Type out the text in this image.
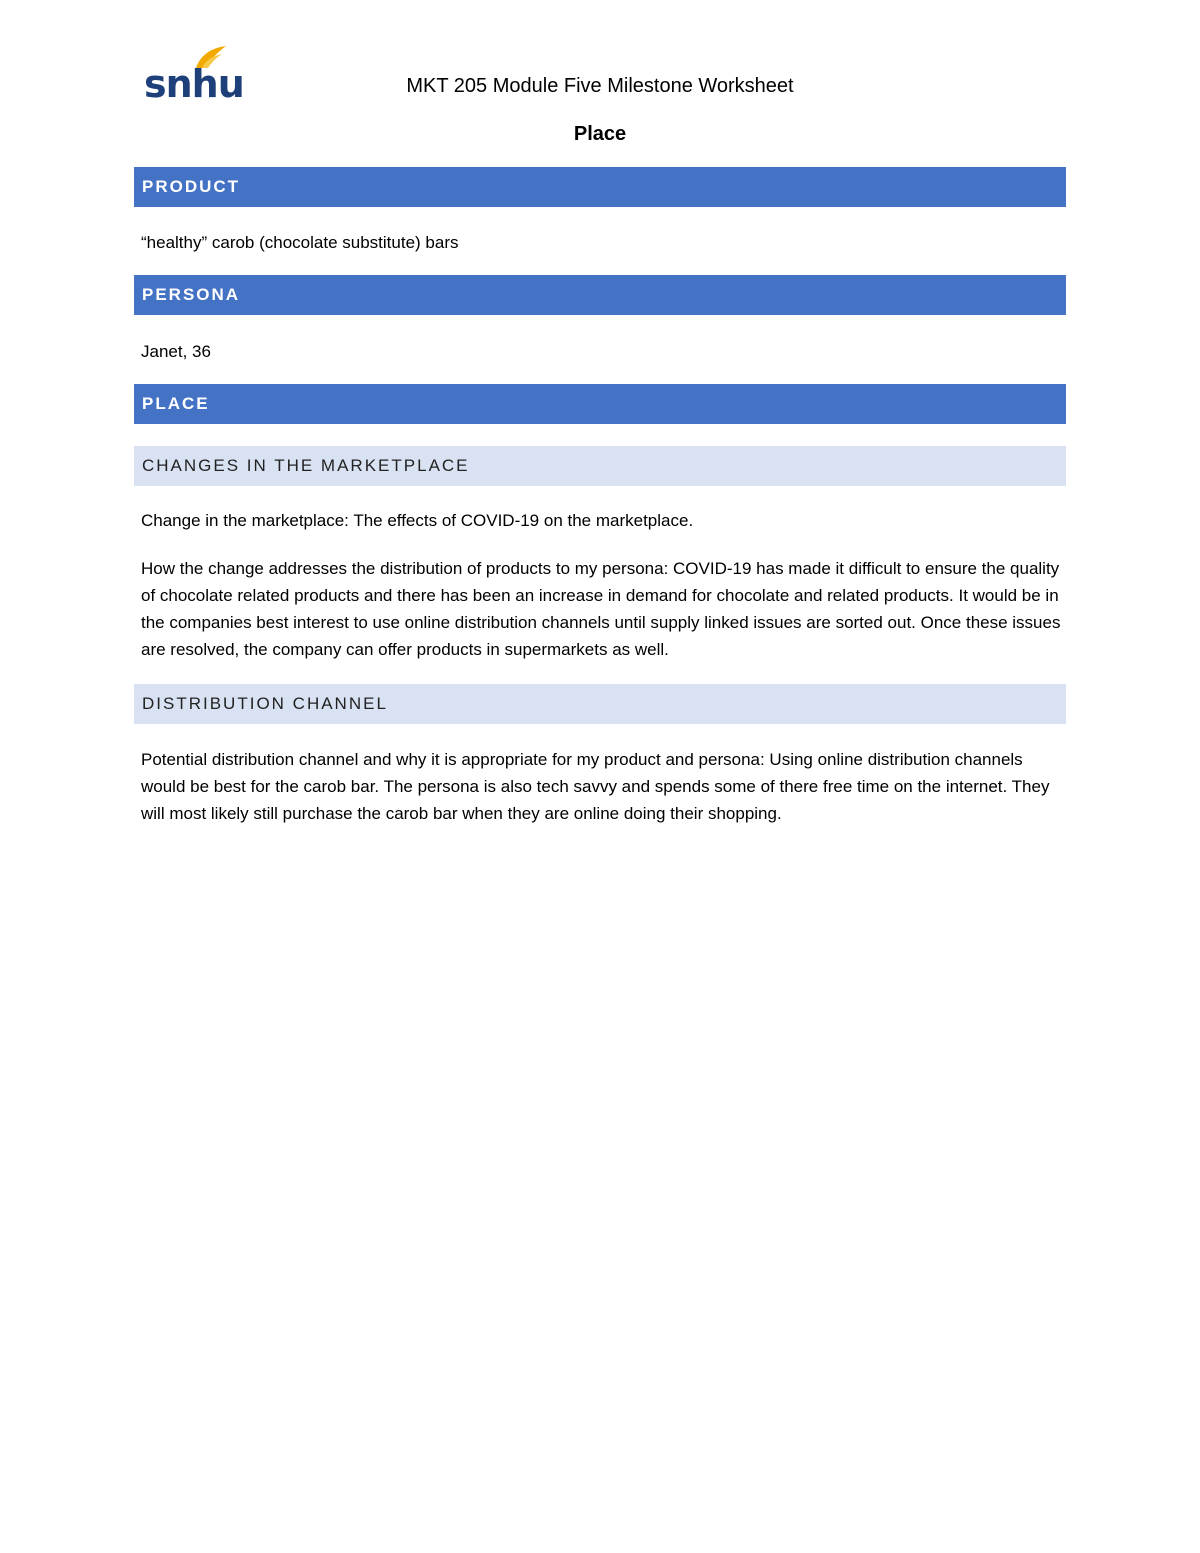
snhu	MKT 205 Module Five Milestone Worksheet
Place
PRODUCT

“healthy” carob (chocolate substitute) bars

PERSONA

Janet, 36

PLACE
CHANGES IN THE MARKETPLACE

Change in the marketplace: The effects of COVID-19 on the marketplace.

How the change addresses the distribution of products to my persona: COVID-19 has made it difficult to ensure the quality of chocolate related products and there has been an increase in demand for chocolate and related products. It would be in the companies best interest to use online distribution channels until supply linked issues are sorted out. Once these issues are resolved, the company can offer products in supermarkets as well.

DISTRIBUTION CHANNEL

Potential distribution channel and why it is appropriate for my product and persona: Using online distribution channels would be best for the carob bar. The persona is also tech savvy and spends some of there free time on the internet. They will most likely still purchase the carob bar when they are online doing their shopping.
